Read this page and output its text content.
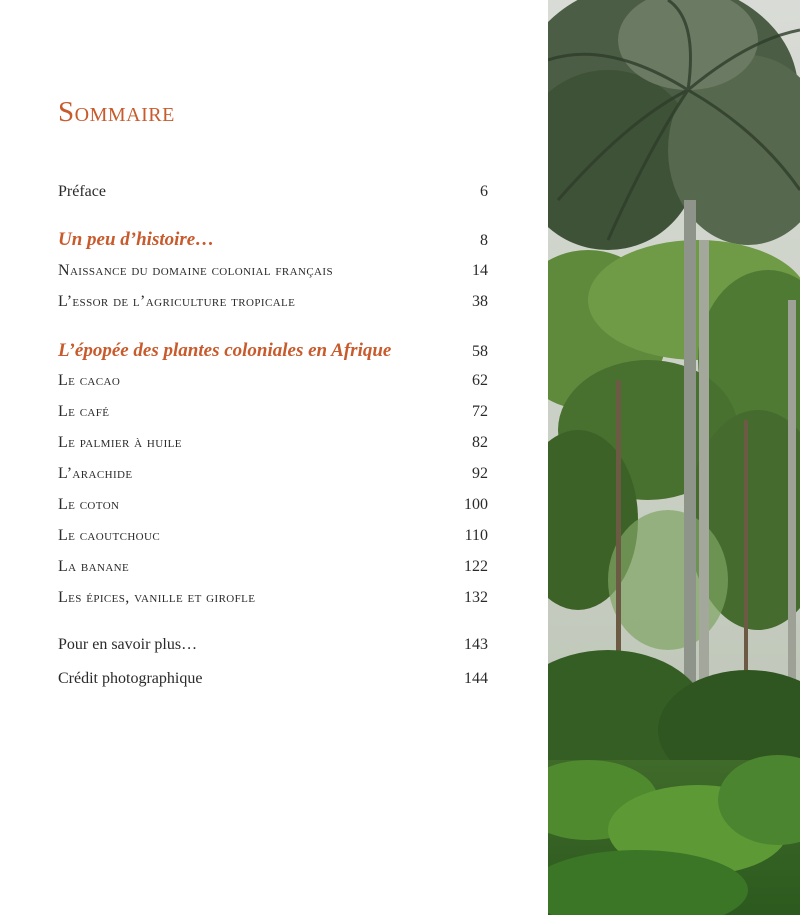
Sommaire
Préface	6
Un peu d’histoire…	8
Naissance du domaine colonial français	14
L’essor de l’agriculture tropicale	38
L’épopée des plantes coloniales en Afrique	58
Le cacao	62
Le café	72
Le palmier à huile	82
L’arachide	92
Le coton	100
Le caoutchouc	110
La banane	122
Les épices, vanille et girofle	132
Pour en savoir plus…	143
Crédit photographique	144
